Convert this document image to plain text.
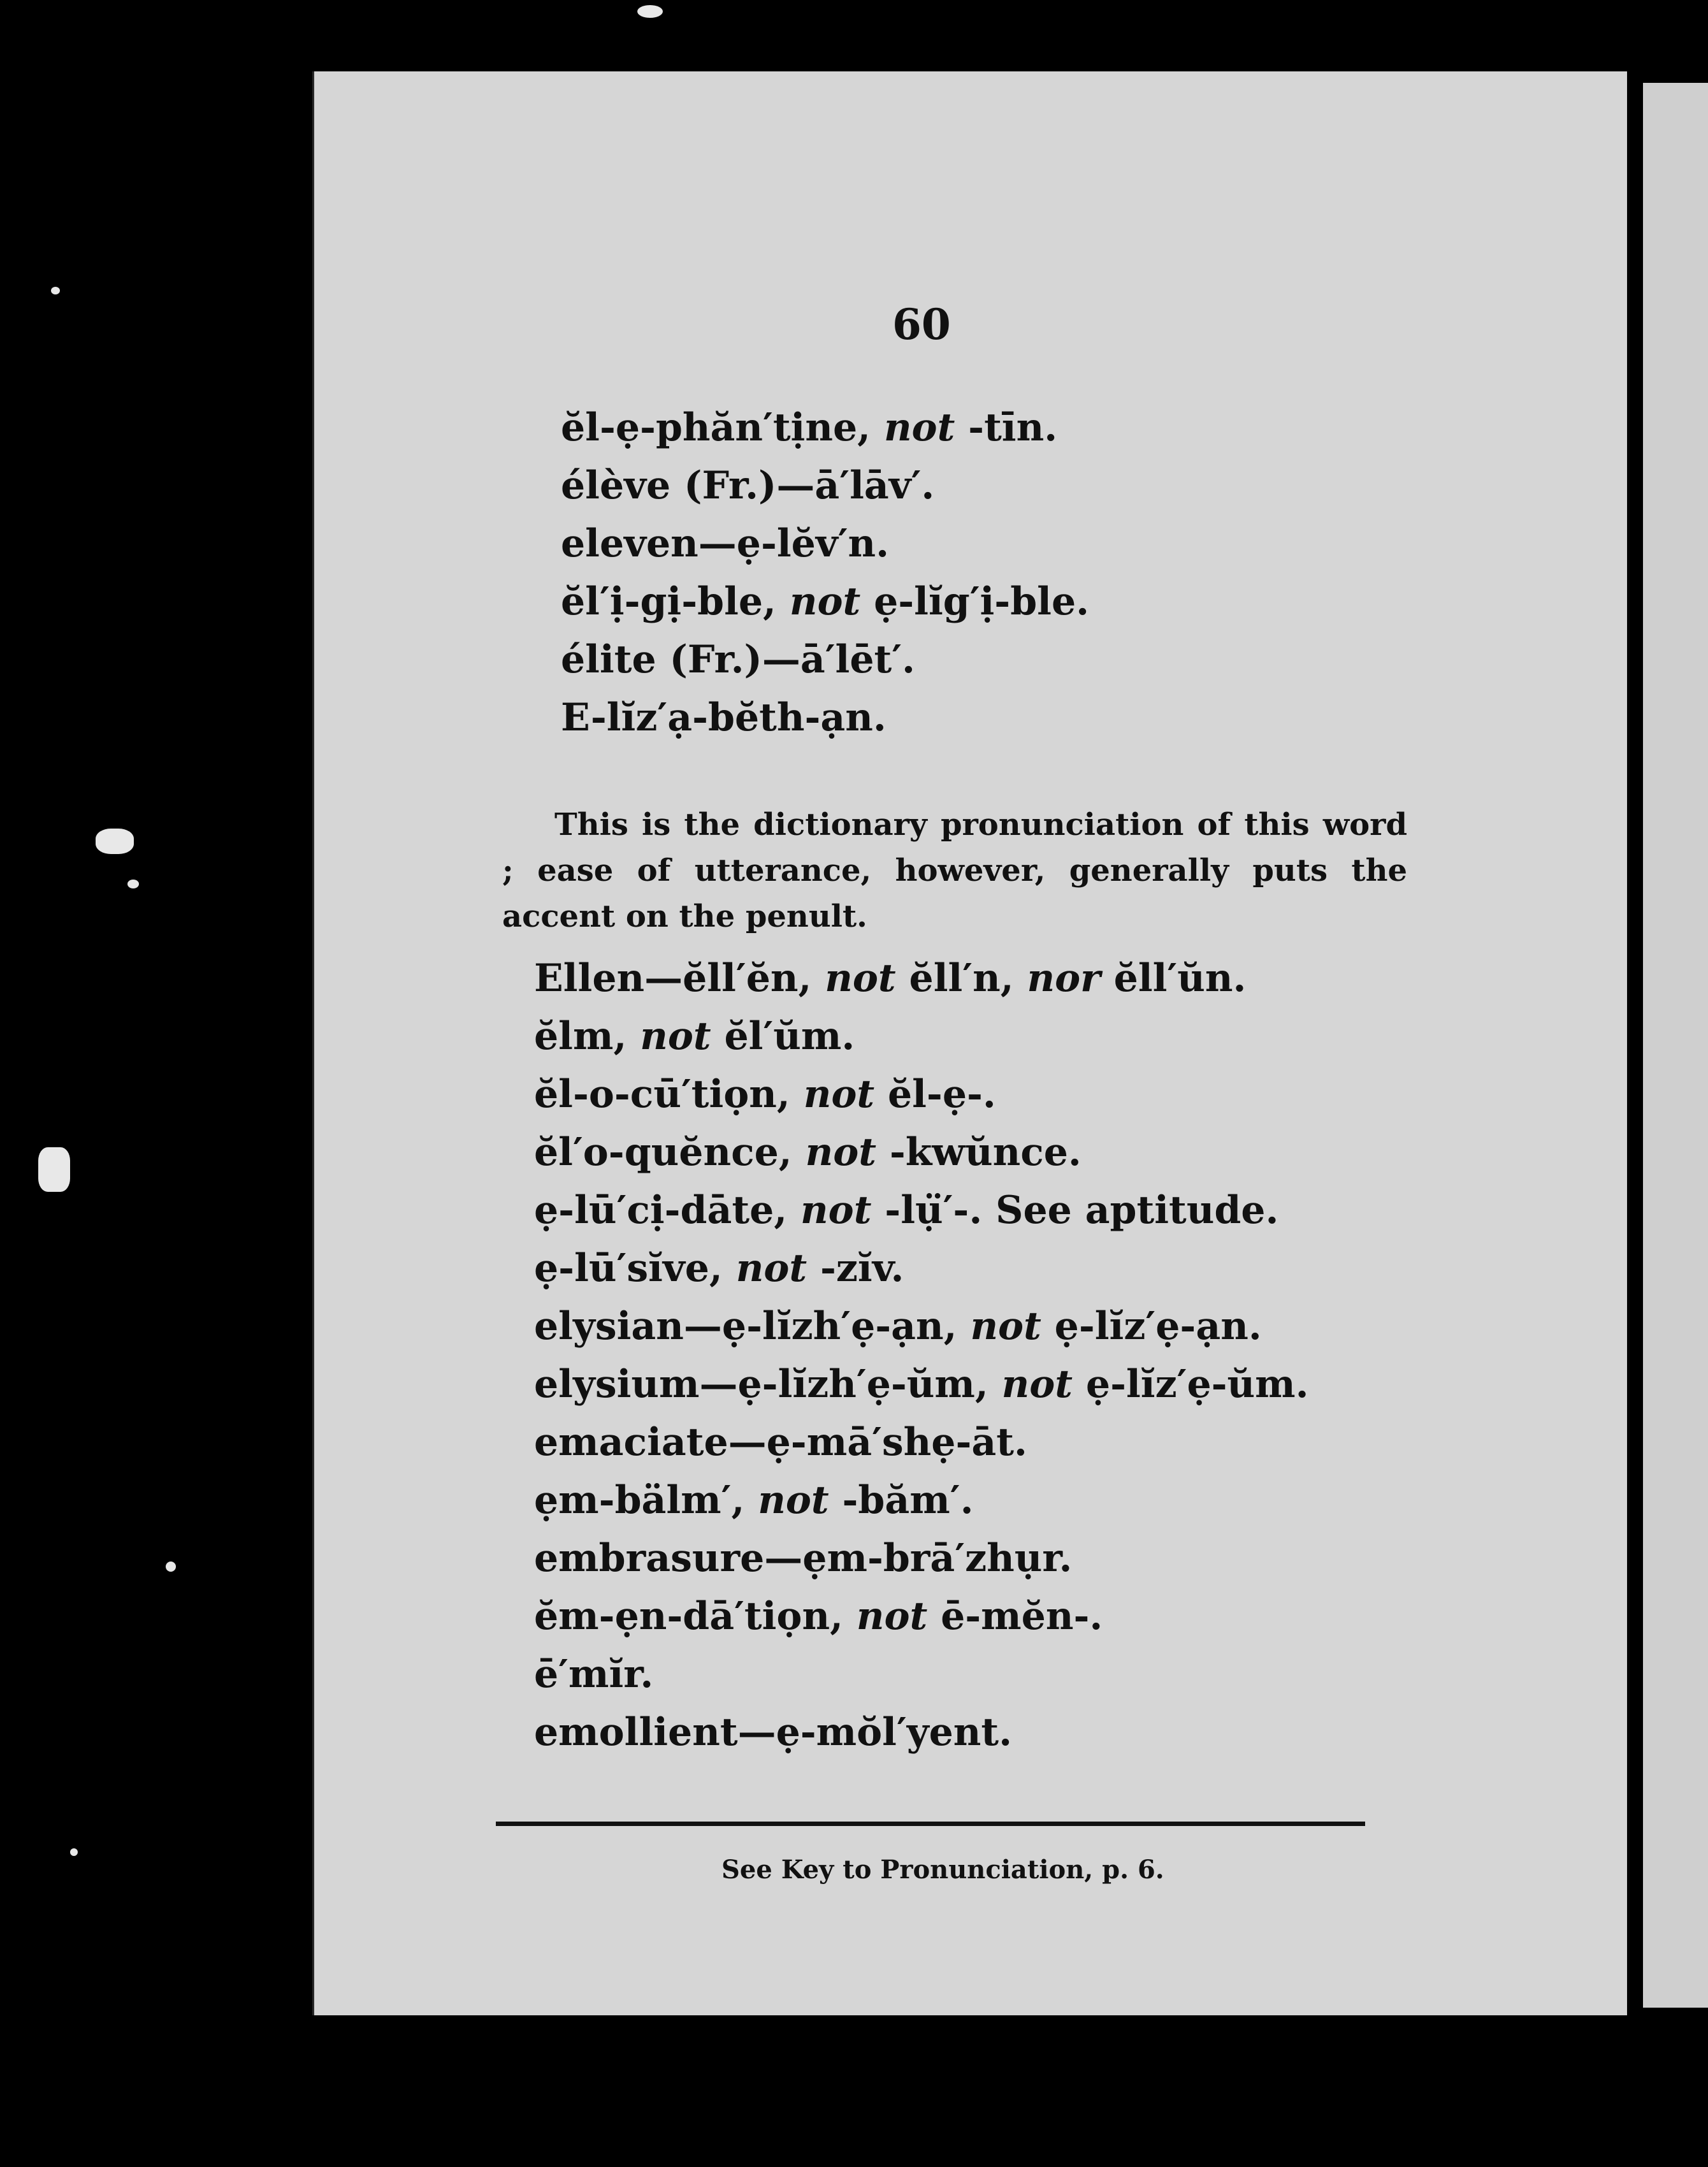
60
ĕl-ẹ-phăn′tịne, not -tīn.
élève (Fr.)—ā′lāv′.
eleven—ẹ-lĕv′n.
ĕl′ị-gị-ble, not ẹ-lĭg′ị-ble.
élite (Fr.)—ā′lēt′.
E-lĭz′ạ-bĕth-ạn.

This is the dictionary pronunciation of this word ; ease of utterance, however, generally puts the accent on the penult.

Ellen—ĕll′ĕn, not ĕll′n, nor ĕll′ŭn.
ĕlm, not ĕl′ŭm.
ĕl-o-cū′tiọn, not ĕl-ẹ-.
ĕl′o-quĕnce, not -kwŭnce.
ẹ-lū′cị-dāte, not -lụ̈′-. See aptitude.
ẹ-lū′sĭve, not -zĭv.
elysian—ẹ-lĭzh′ẹ-ạn, not ẹ-lĭz′ẹ-ạn.
elysium—ẹ-lĭzh′ẹ-ŭm, not ẹ-lĭz′ẹ-ŭm.
emaciate—ẹ-mā′shẹ-āt.
ẹm-bälm′, not -băm′.
embrasure—ẹm-brā′zhụr.
ĕm-ẹn-dā′tiọn, not ē-mĕn-.
ē′mĭr.
emollient—ẹ-mŏl′yent.
See Key to Pronunciation, p. 6.
